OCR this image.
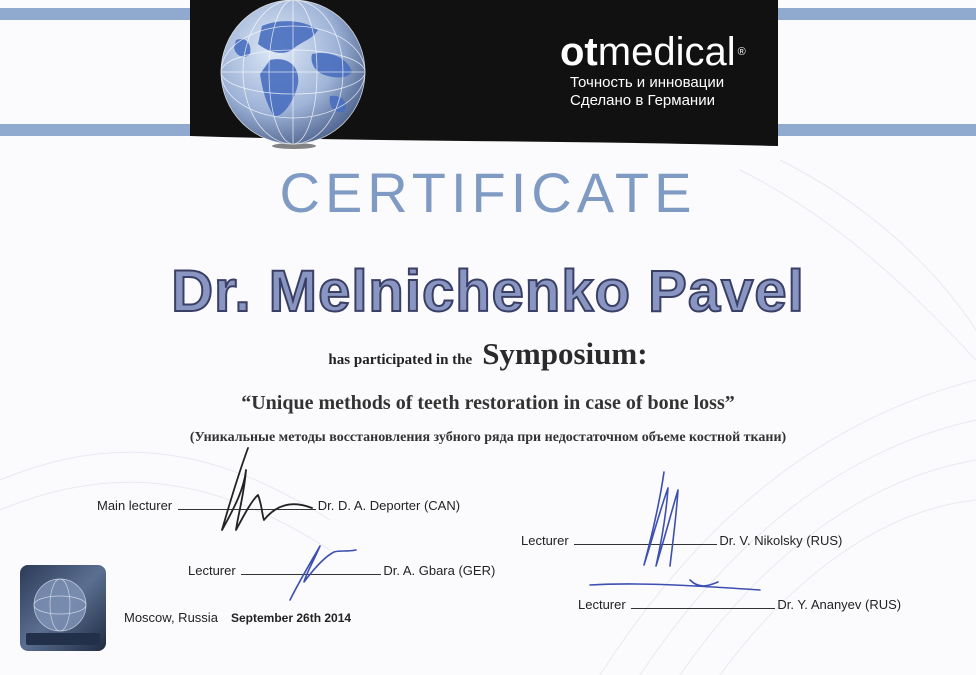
otmedical ®
Точность и инновации
Сделано в Германии
CERTIFICATE
Dr. Melnichenko Pavel
has participated in the Symposium:
“Unique methods of teeth restoration in case of bone loss”
(Уникальные методы восстановления зубного ряда при недостаточном объеме костной ткани)
Main lecturer	Dr. D. A. Deporter (CAN)
Lecturer	Dr. A. Gbara (GER)
Lecturer	Dr. V. Nikolsky (RUS)
Lecturer	Dr. Y. Ananyev (RUS)
Moscow, Russia September 26th 2014
